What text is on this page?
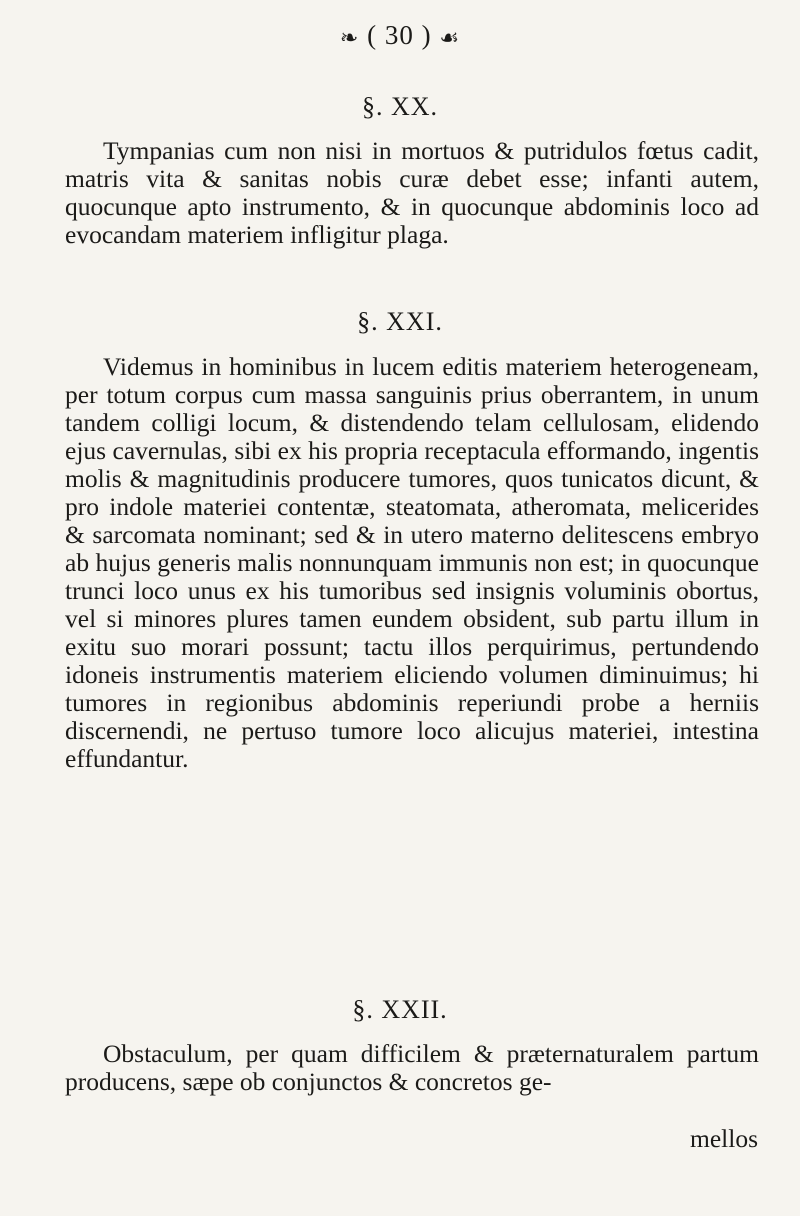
❧ ( 30 ) ☙
§. XX.

Tympanias cum non nisi in mortuos & putridulos fœtus cadit, matris vita & sanitas nobis curæ debet esse; infanti autem, quocunque apto instrumento, & in quocunque abdominis loco ad evocandam materiem infligitur plaga.

§. XXI.

Videmus in hominibus in lucem editis materiem heterogeneam, per totum corpus cum massa sanguinis prius oberrantem, in unum tandem colligi locum, & distendendo telam cellulosam, elidendo ejus cavernulas, sibi ex his propria receptacula efformando, ingentis molis & magnitudinis producere tumores, quos tunicatos dicunt, & pro indole materiei contentæ, steatomata, atheromata, melicerides & sarcomata nominant; sed & in utero materno delitescens embryo ab hujus generis malis nonnunquam immunis non est; in quocunque trunci loco unus ex his tumoribus sed insignis voluminis obortus, vel si minores plures tamen eundem obsident, sub partu illum in exitu suo morari possunt; tactu illos perquirimus, pertundendo idoneis instrumentis materiem eliciendo volumen diminuimus; hi tumores in regionibus abdominis reperiundi probe a herniis discernendi, ne pertuso tumore loco alicujus materiei, intestina effundantur.

§. XXII.

Obstaculum, per quam difficilem & præternaturalem partum producens, sæpe ob conjunctos & concretos ge-

mellos
